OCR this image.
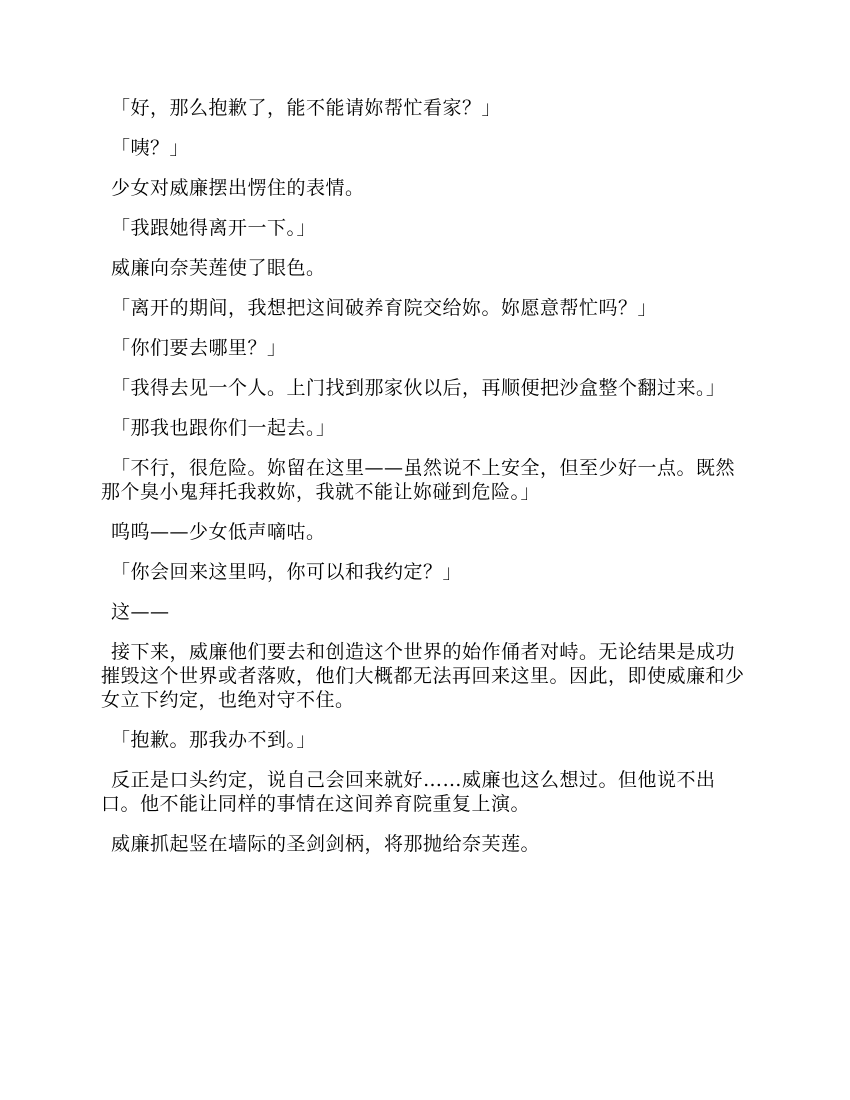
「好，那么抱歉了，能不能请妳帮忙看家？」

「咦？」

少女对威廉摆出愣住的表情。

「我跟她得离开一下。」

威廉向奈芙莲使了眼色。

「离开的期间，我想把这间破养育院交给妳。妳愿意帮忙吗？」

「你们要去哪里？」

「我得去见一个人。上门找到那家伙以后，再顺便把沙盒整个翻过来。」

「那我也跟你们一起去。」

「不行，很危险。妳留在这里——虽然说不上安全，但至少好一点。既然那个臭小鬼拜托我救妳，我就不能让妳碰到危险。」

呜呜——少女低声嘀咕。

「你会回来这里吗，你可以和我约定？」

这——

接下来，威廉他们要去和创造这个世界的始作俑者对峙。无论结果是成功摧毁这个世界或者落败，他们大概都无法再回来这里。因此，即使威廉和少女立下约定，也绝对守不住。

「抱歉。那我办不到。」

反正是口头约定，说自己会回来就好……威廉也这么想过。但他说不出口。他不能让同样的事情在这间养育院重复上演。

威廉抓起竖在墙际的圣剑剑柄，将那抛给奈芙莲。
